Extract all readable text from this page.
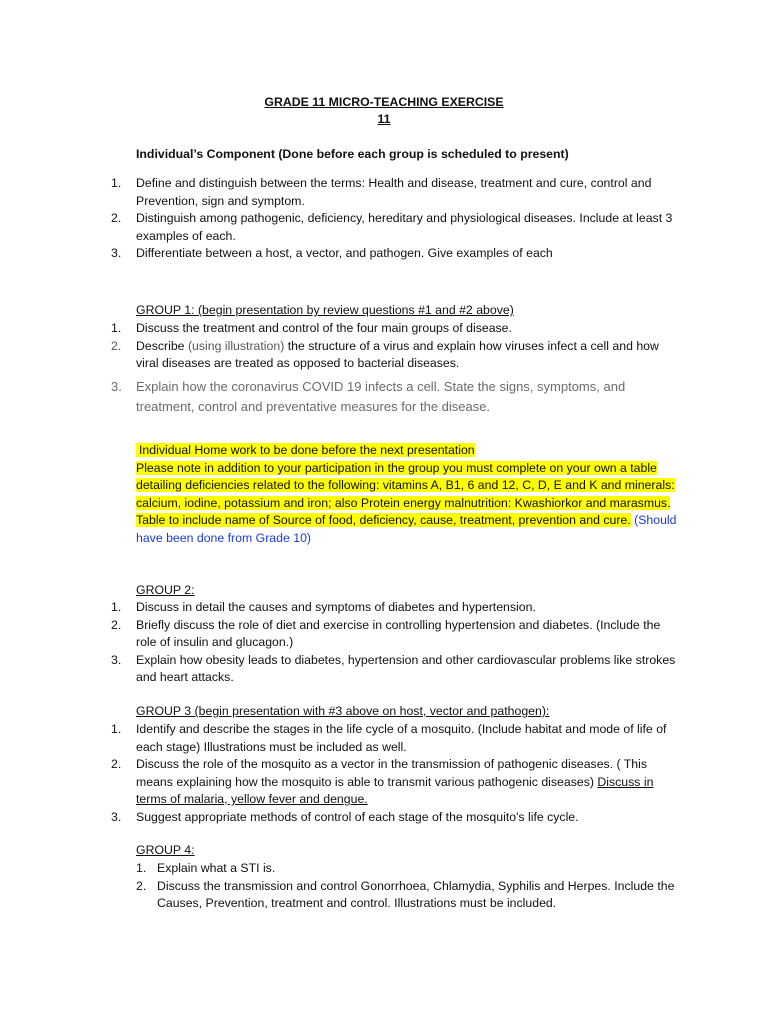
GRADE 11 MICRO-TEACHING EXERCISE
11
Individual’s Component (Done before each group is scheduled to present)
1. Define and distinguish between the terms: Health and disease, treatment and cure, control and Prevention, sign and symptom.
2. Distinguish among pathogenic, deficiency, hereditary and physiological diseases. Include at least 3 examples of each.
3. Differentiate between a host, a vector, and pathogen. Give examples of each
GROUP 1: (begin presentation by review questions #1 and #2 above)
1. Discuss the treatment and control of the four main groups of disease.
2. Describe (using illustration) the structure of a virus and explain how viruses infect a cell and how viral diseases are treated as opposed to bacterial diseases.
3. Explain how the coronavirus COVID 19 infects a cell. State the signs, symptoms, and treatment, control and preventative measures for the disease.
Individual Home work to be done before the next presentation
Please note in addition to your participation in the group you must complete on your own a table detailing deficiencies related to the following: vitamins A, B1, 6 and 12, C, D, E and K and minerals: calcium, iodine, potassium and iron; also Protein energy malnutrition: Kwashiorkor and marasmus. Table to include name of Source of food, deficiency, cause, treatment, prevention and cure. (Should have been done from Grade 10)
GROUP 2:
1. Discuss in detail the causes and symptoms of diabetes and hypertension.
2. Briefly discuss the role of diet and exercise in controlling hypertension and diabetes. (Include the role of insulin and glucagon.)
3. Explain how obesity leads to diabetes, hypertension and other cardiovascular problems like strokes and heart attacks.
GROUP 3 (begin presentation with #3 above on host, vector and pathogen):
1. Identify and describe the stages in the life cycle of a mosquito. (Include habitat and mode of life of each stage) Illustrations must be included as well.
2. Discuss the role of the mosquito as a vector in the transmission of pathogenic diseases. ( This means explaining how the mosquito is able to transmit various pathogenic diseases) Discuss in terms of malaria, yellow fever and dengue.
3. Suggest appropriate methods of control of each stage of the mosquito's life cycle.
GROUP 4:
1. Explain what a STI is.
2. Discuss the transmission and control Gonorrhoea, Chlamydia, Syphilis and Herpes. Include the Causes, Prevention, treatment and control. Illustrations must be included.
